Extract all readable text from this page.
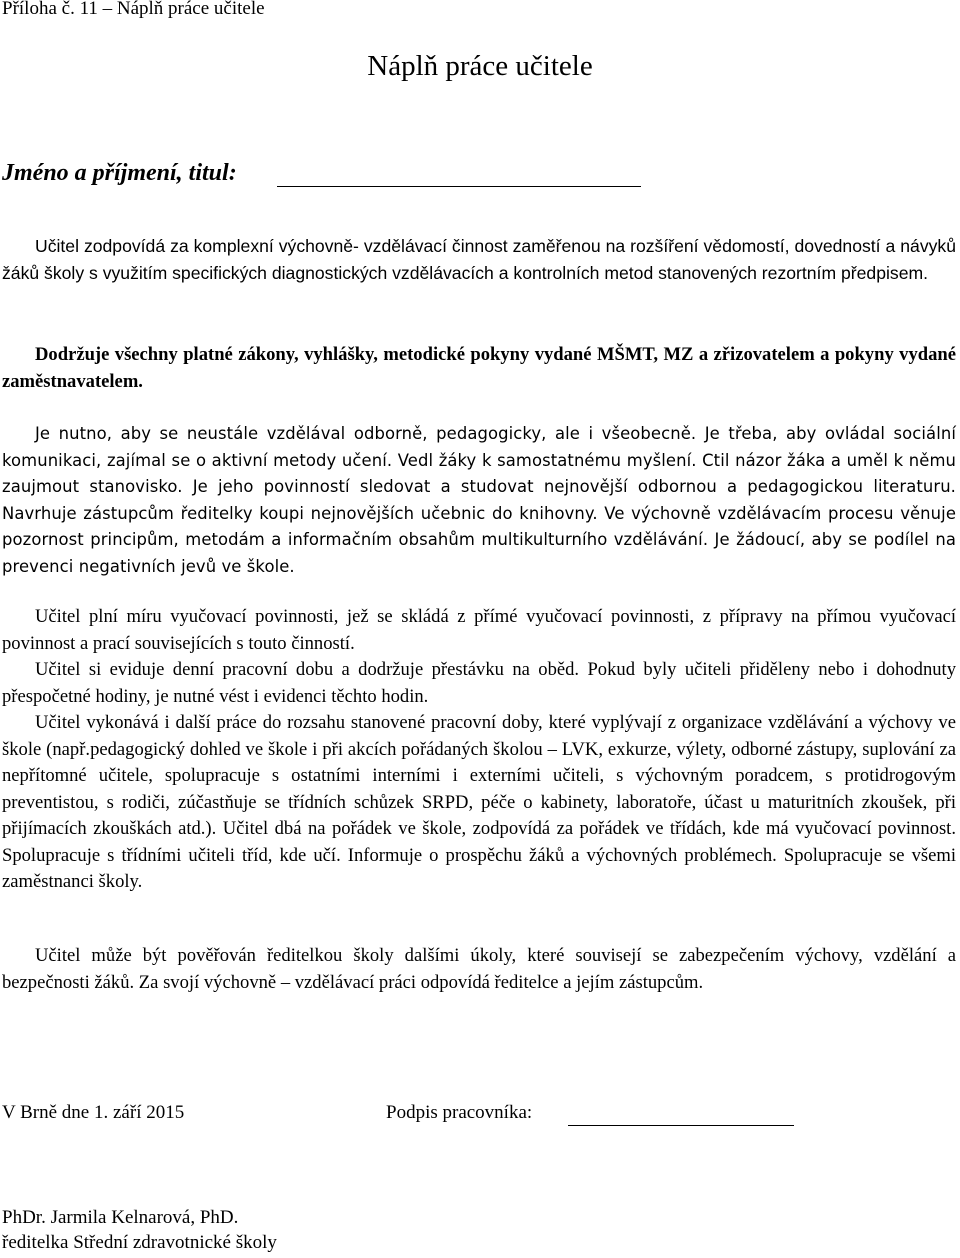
Příloha č. 11 – Náplň práce učitele
Náplň práce učitele
Jméno a příjmení, titul:

Učitel zodpovídá za komplexní výchovně- vzdělávací činnost zaměřenou na rozšíření vědomostí, dovedností a návyků žáků školy s využitím specifických diagnostických vzdělávacích a kontrolních metod stanovených rezortním předpisem.

Dodržuje všechny platné zákony, vyhlášky, metodické pokyny vydané MŠMT, MZ a zřizovatelem a pokyny vydané zaměstnavatelem.

Je nutno, aby se neustále vzdělával odborně, pedagogicky, ale i všeobecně. Je třeba, aby ovládal sociální komunikaci, zajímal se o aktivní metody učení. Vedl žáky k samostatnému myšlení. Ctil názor žáka a uměl k němu zaujmout stanovisko. Je jeho povinností sledovat a studovat nejnovější odbornou a pedagogickou literaturu. Navrhuje zástupcům ředitelky koupi nejnovějších učebnic do knihovny. Ve výchovně vzdělávacím procesu věnuje pozornost principům, metodám a informačním obsahům multikulturního vzdělávání. Je žádoucí, aby se podílel na prevenci negativních jevů ve škole.

Učitel plní míru vyučovací povinnosti, jež se skládá z přímé vyučovací povinnosti, z přípravy na přímou vyučovací povinnost a prací souvisejících s touto činností.

Učitel si eviduje denní pracovní dobu a dodržuje přestávku na oběd. Pokud byly učiteli přiděleny nebo i dohodnuty přespočetné hodiny, je nutné vést i evidenci těchto hodin.

Učitel vykonává i další práce do rozsahu stanovené pracovní doby, které vyplývají z organizace vzdělávání a výchovy ve škole (např.pedagogický dohled ve škole i při akcích pořádaných školou – LVK, exkurze, výlety, odborné zástupy, suplování za nepřítomné učitele, spolupracuje s ostatními interními i externími učiteli, s výchovným poradcem, s protidrogovým preventistou, s rodiči, zúčastňuje se třídních schůzek SRPD, péče o kabinety, laboratoře, účast u maturitních zkoušek, při přijímacích zkouškách atd.). Učitel dbá na pořádek ve škole, zodpovídá za pořádek ve třídách, kde má vyučovací povinnost. Spolupracuje s třídními učiteli tříd, kde učí. Informuje o prospěchu žáků a výchovných problémech. Spolupracuje se všemi zaměstnanci školy.

Učitel může být pověřován ředitelkou školy dalšími úkoly, které souvisejí se zabezpečením výchovy, vzdělání a bezpečnosti žáků. Za svojí výchovně – vzdělávací práci odpovídá ředitelce a jejím zástupcům.

V Brně dne 1. září 2015	Podpis pracovníka:
PhDr. Jarmila Kelnarová, PhD.
ředitelka Střední zdravotnické školy
